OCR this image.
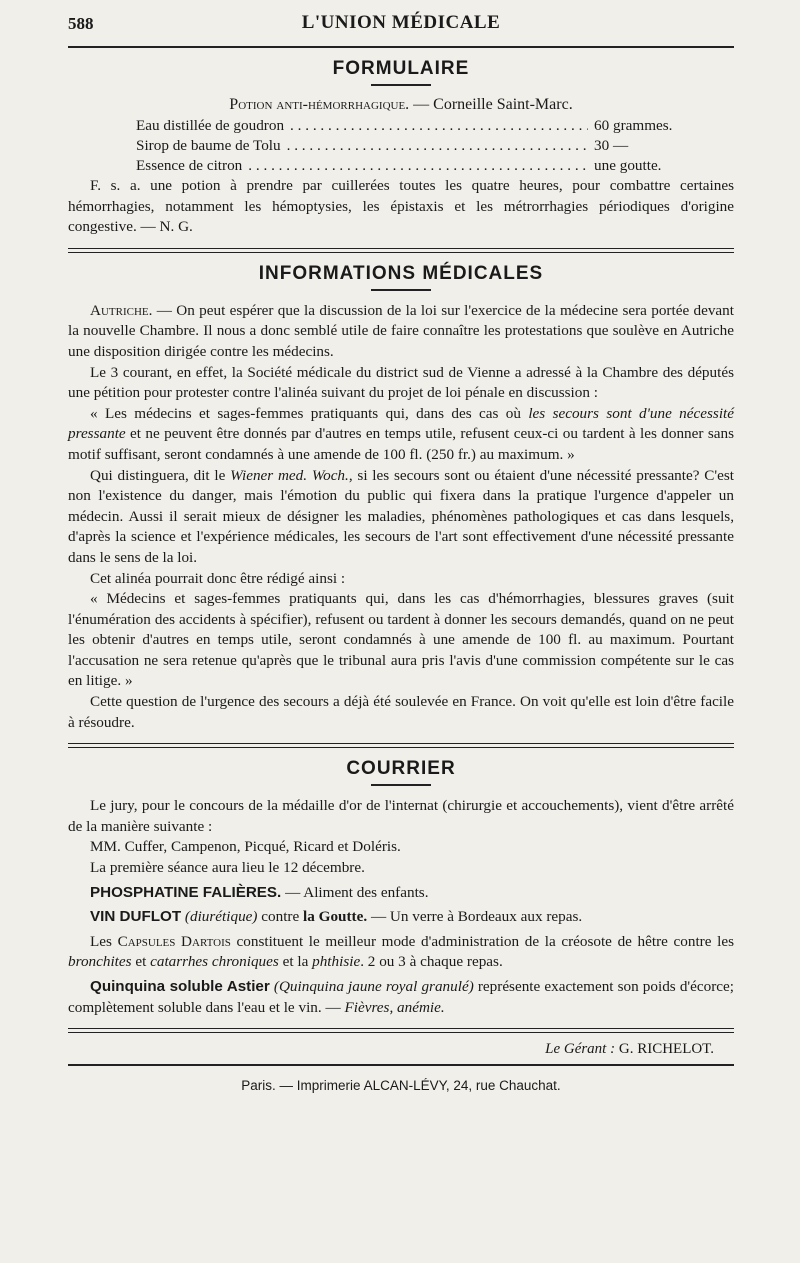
588	L'UNION MÉDICALE
FORMULAIRE
Potion anti-hémorrhagique. — Corneille Saint-Marc.
Eau distillée de goudron . . .	60 grammes.
Sirop de baume de Tolu . . .	30 —
Essence de citron . . .	une goutte.

F. s. a. une potion à prendre par cuillerées toutes les quatre heures, pour combattre certaines hémorrhagies, notamment les hémoptysies, les épistaxis et les métrorrhagies périodiques d'origine congestive. — N. G.

INFORMATIONS MÉDICALES

Autriche. — On peut espérer que la discussion de la loi sur l'exercice de la médecine sera portée devant la nouvelle Chambre. Il nous a donc semblé utile de faire connaître les protestations que soulève en Autriche une disposition dirigée contre les médecins.

Le 3 courant, en effet, la Société médicale du district sud de Vienne a adressé à la Chambre des députés une pétition pour protester contre l'alinéa suivant du projet de loi pénale en discussion :

« Les médecins et sages-femmes pratiquants qui, dans des cas où les secours sont d'une nécessité pressante et ne peuvent être donnés par d'autres en temps utile, refusent ceux-ci ou tardent à les donner sans motif suffisant, seront condamnés à une amende de 100 fl. (250 fr.) au maximum. »

Qui distinguera, dit le Wiener med. Woch., si les secours sont ou étaient d'une nécessité pressante? C'est non l'existence du danger, mais l'émotion du public qui fixera dans la pratique l'urgence d'appeler un médecin. Aussi il serait mieux de désigner les maladies, phénomènes pathologiques et cas dans lesquels, d'après la science et l'expérience médicales, les secours de l'art sont effectivement d'une nécessité pressante dans le sens de la loi.

Cet alinéa pourrait donc être rédigé ainsi :

« Médecins et sages-femmes pratiquants qui, dans les cas d'hémorrhagies, blessures graves (suit l'énumération des accidents à spécifier), refusent ou tardent à donner les secours demandés, quand on ne peut les obtenir d'autres en temps utile, seront condamnés à une amende de 100 fl. au maximum. Pourtant l'accusation ne sera retenue qu'après que le tribunal aura pris l'avis d'une commission compétente sur le cas en litige. »

Cette question de l'urgence des secours a déjà été soulevée en France. On voit qu'elle est loin d'être facile à résoudre.

COURRIER

Le jury, pour le concours de la médaille d'or de l'internat (chirurgie et accouchements), vient d'être arrêté de la manière suivante :

MM. Cuffer, Campenon, Picqué, Ricard et Doléris.

La première séance aura lieu le 12 décembre.

PHOSPHATINE FALIÈRES. — Aliment des enfants.

VIN DUFLOT (diurétique) contre la Goutte. — Un verre à Bordeaux aux repas.

Les Capsules Dartois constituent le meilleur mode d'administration de la créosote de hêtre contre les bronchites et catarrhes chroniques et la phthisie. 2 ou 3 à chaque repas.

Quinquina soluble Astier (Quinquina jaune royal granulé) représente exactement son poids d'écorce; complètement soluble dans l'eau et le vin. — Fièvres, anémie.

Le Gérant : G. RICHELOT.
Paris. — Imprimerie ALCAN-LÉVY, 24, rue Chauchat.
